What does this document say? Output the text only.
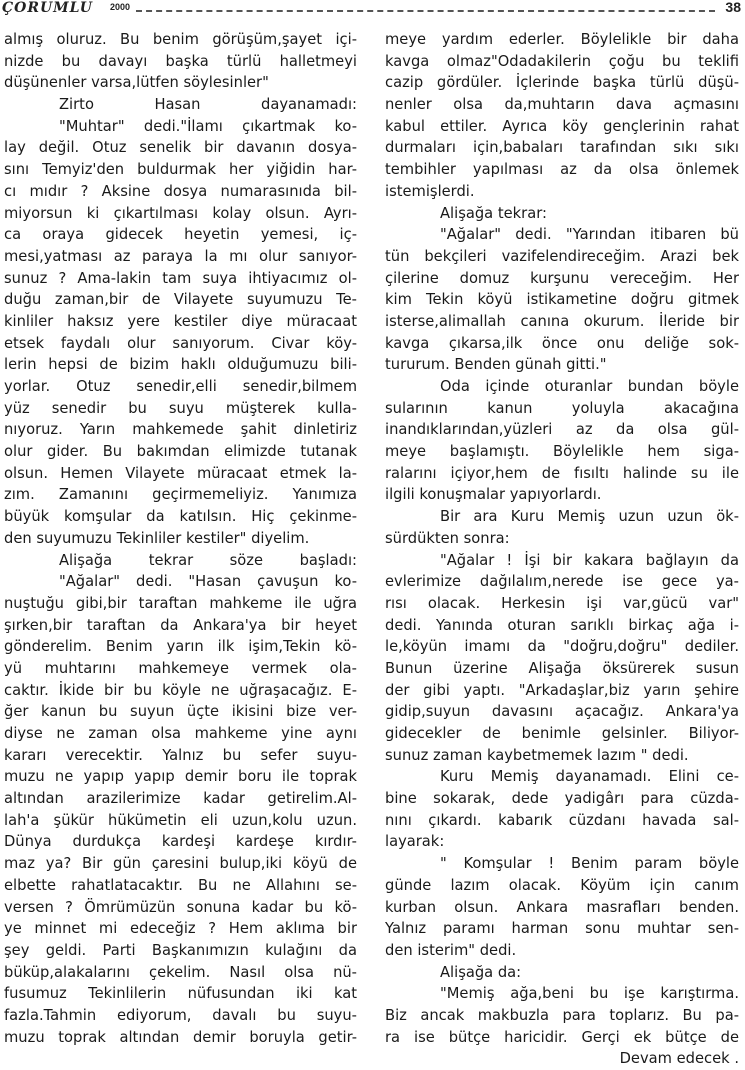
ÇORUMLU 2000	38
almış oluruz. Bu benim görüşüm,şayet içi-
nizde bu davayı başka türlü halletmeyi
düşünenler varsa,lütfen söylesinler"
Zirto Hasan dayanamadı:
"Muhtar" dedi."İlamı çıkartmak ko-
lay değil. Otuz senelik bir davanın dosya-
sını Temyiz'den buldurmak her yiğidin har-
cı mıdır ? Aksine dosya numarasınıda bil-
miyorsun ki çıkartılması kolay olsun. Ayrı-
ca oraya gidecek heyetin yemesi, iç-
mesi,yatması az paraya la mı olur sanıyor-
sunuz ? Ama-lakin tam suya ihtiyacımız ol-
duğu zaman,bir de Vilayete suyumuzu Te-
kinliler haksız yere kestiler diye müracaat
etsek faydalı olur sanıyorum. Civar köy-
lerin hepsi de bizim haklı olduğumuzu bili-
yorlar. Otuz senedir,elli senedir,bilmem
yüz senedir bu suyu müşterek kulla-
nıyoruz. Yarın mahkemede şahit dinletiriz
olur gider. Bu bakımdan elimizde tutanak
olsun. Hemen Vilayete müracaat etmek la-
zım. Zamanını geçirmemeliyiz. Yanımıza
büyük komşular da katılsın. Hiç çekinme-
den suyumuzu Tekinliler kestiler" diyelim.
Alişağa tekrar söze başladı:
"Ağalar" dedi. "Hasan çavuşun ko-
nuştuğu gibi,bir taraftan mahkeme ile uğra
şırken,bir taraftan da Ankara'ya bir heyet
gönderelim. Benim yarın ilk işim,Tekin kö-
yü muhtarını mahkemeye vermek ola-
caktır. İkide bir bu köyle ne uğraşacağız. E-
ğer kanun bu suyun üçte ikisini bize ver-
diyse ne zaman olsa mahkeme yine aynı
kararı verecektir. Yalnız bu sefer suyu-
muzu ne yapıp yapıp demir boru ile toprak
altından arazilerimize kadar getirelim.Al-
lah'a şükür hükümetin eli uzun,kolu uzun.
Dünya durdukça kardeşi kardeşe kırdır-
maz ya? Bir gün çaresini bulup,iki köyü de
elbette rahatlatacaktır. Bu ne Allahını se-
versen ? Ömrümüzün sonuna kadar bu kö-
ye minnet mi edeceğiz ? Hem aklıma bir
şey geldi. Parti Başkanımızın kulağını da
büküp,alakalarını çekelim. Nasıl olsa nü-
fusumuz Tekinlilerin nüfusundan iki kat
fazla.Tahmin ediyorum, davalı bu suyu-
muzu toprak altından demir boruyla getir-
meye yardım ederler. Böylelikle bir daha
kavga olmaz"Odadakilerin çoğu bu teklifi
cazip gördüler. İçlerinde başka türlü düşü-
nenler olsa da,muhtarın dava açmasını
kabul ettiler. Ayrıca köy gençlerinin rahat
durmaları için,babaları tarafından sıkı sıkı
tembihler yapılması az da olsa önlemek
istemişlerdi.
Alişağa tekrar:
"Ağalar" dedi. "Yarından itibaren bü
tün bekçileri vazifelendireceğim. Arazi bek
çilerine domuz kurşunu vereceğim. Her
kim Tekin köyü istikametine doğru gitmek
isterse,alimallah canına okurum. İleride bir
kavga çıkarsa,ilk önce onu deliğe sok-
tururum. Benden günah gitti."
Oda içinde oturanlar bundan böyle
sularının kanun yoluyla akacağına
inandıklarından,yüzleri az da olsa gül-
meye başlamıştı. Böylelikle hem siga-
ralarını içiyor,hem de fısıltı halinde su ile
ilgili konuşmalar yapıyorlardı.
Bir ara Kuru Memiş uzun uzun ök-
sürdükten sonra:
"Ağalar ! İşi bir kakara bağlayın da
evlerimize dağılalım,nerede ise gece ya-
rısı olacak. Herkesin işi var,gücü var"
dedi. Yanında oturan sarıklı birkaç ağa i-
le,köyün imamı da "doğru,doğru" dediler.
Bunun üzerine Alişağa öksürerek susun
der gibi yaptı. "Arkadaşlar,biz yarın şehire
gidip,suyun davasını açacağız. Ankara'ya
gidecekler de benimle gelsinler. Biliyor-
sunuz zaman kaybetmemek lazım " dedi.
Kuru Memiş dayanamadı. Elini ce-
bine sokarak, dede yadigârı para cüzda-
nını çıkardı. kabarık cüzdanı havada sal-
layarak:
" Komşular ! Benim param böyle
günde lazım olacak. Köyüm için canım
kurban olsun. Ankara masrafları benden.
Yalnız paramı harman sonu muhtar sen-
den isterim" dedi.
Alişağa da:
"Memiş ağa,beni bu işe karıştırma.
Biz ancak makbuzla para toplarız. Bu pa-
ra ise bütçe haricidir. Gerçi ek bütçe de
Devam edecek .
